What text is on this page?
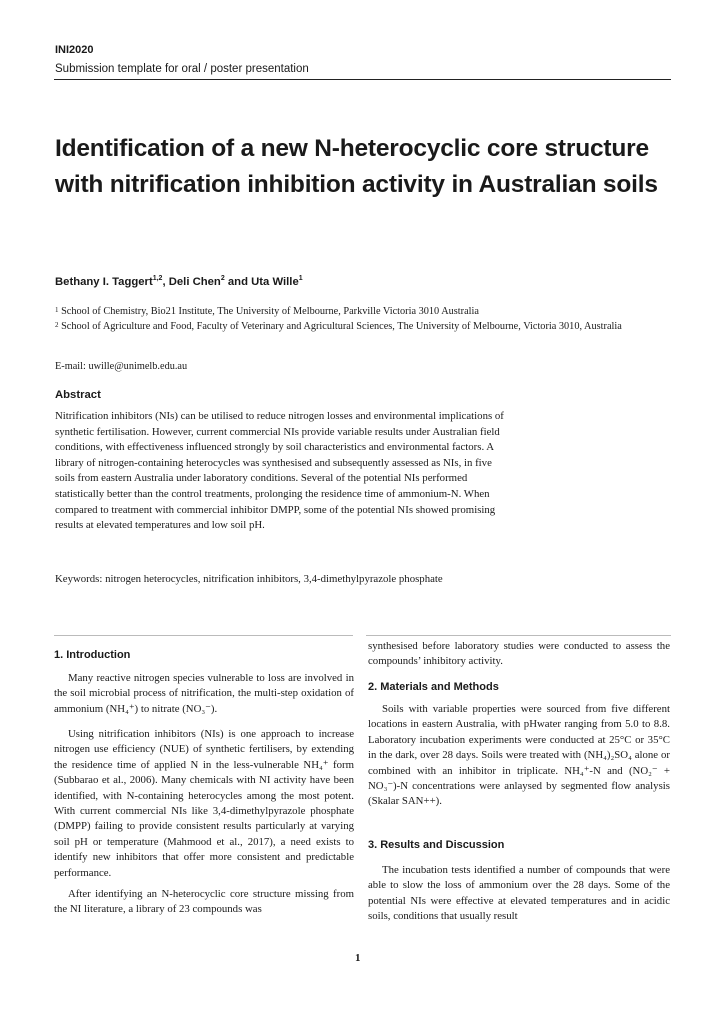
INI2020
Submission template for oral / poster presentation
Identification of a new N-heterocyclic core structure with nitrification inhibition activity in Australian soils
Bethany I. Taggert$^{1,2}$, Deli Chen$^2$ and Uta Wille$^1$
$^1$ School of Chemistry, Bio21 Institute, The University of Melbourne, Parkville Victoria 3010 Australia
$^2$ School of Agriculture and Food, Faculty of Veterinary and Agricultural Sciences, The University of Melbourne, Victoria 3010, Australia
E-mail: uwille@unimelb.edu.au
Abstract
Nitrification inhibitors (NIs) can be utilised to reduce nitrogen losses and environmental implications of synthetic fertilisation. However, current commercial NIs provide variable results under Australian field conditions, with effectiveness influenced strongly by soil characteristics and environmental factors. A library of nitrogen-containing heterocycles was synthesised and subsequently assessed as NIs, in five soils from eastern Australia under laboratory conditions. Several of the potential NIs performed statistically better than the control treatments, prolonging the residence time of ammonium-N. When compared to treatment with commercial inhibitor DMPP, some of the potential NIs showed promising results at elevated temperatures and low soil pH.
Keywords: nitrogen heterocycles, nitrification inhibitors, 3,4-dimethylpyrazole phosphate
1. Introduction

Many reactive nitrogen species vulnerable to loss are involved in the soil microbial process of nitrification, the multi-step oxidation of ammonium (NH₄⁺) to nitrate (NO₃⁻).

Using nitrification inhibitors (NIs) is one approach to increase nitrogen use efficiency (NUE) of synthetic fertilisers, by extending the residence time of applied N in the less-vulnerable NH₄⁺ form (Subbarao et al., 2006). Many chemicals with NI activity have been identified, with N-containing heterocycles among the most potent. With current commercial NIs like 3,4-dimethylpyrazole phosphate (DMPP) failing to provide consistent results particularly at varying soil pH or temperature (Mahmood et al., 2017), a need exists to identify new inhibitors that offer more consistent and predictable performance.

After identifying an N-heterocyclic core structure missing from the NI literature, a library of 23 compounds was

synthesised before laboratory studies were conducted to assess the compounds’ inhibitory activity.
2. Materials and Methods

Soils with variable properties were sourced from five different locations in eastern Australia, with pHwater ranging from 5.0 to 8.8. Laboratory incubation experiments were conducted at 25°C or 35°C in the dark, over 28 days. Soils were treated with (NH₄)₂SO₄ alone or combined with an inhibitor in triplicate. NH₄⁺-N and (NO₂⁻ + NO₃⁻)-N concentrations were anlaysed by segmented flow analysis (Skalar SAN++).

3. Results and Discussion

The incubation tests identified a number of compounds that were able to slow the loss of ammonium over the 28 days. Some of the potential NIs were effective at elevated temperatures and in acidic soils, conditions that usually result

1
